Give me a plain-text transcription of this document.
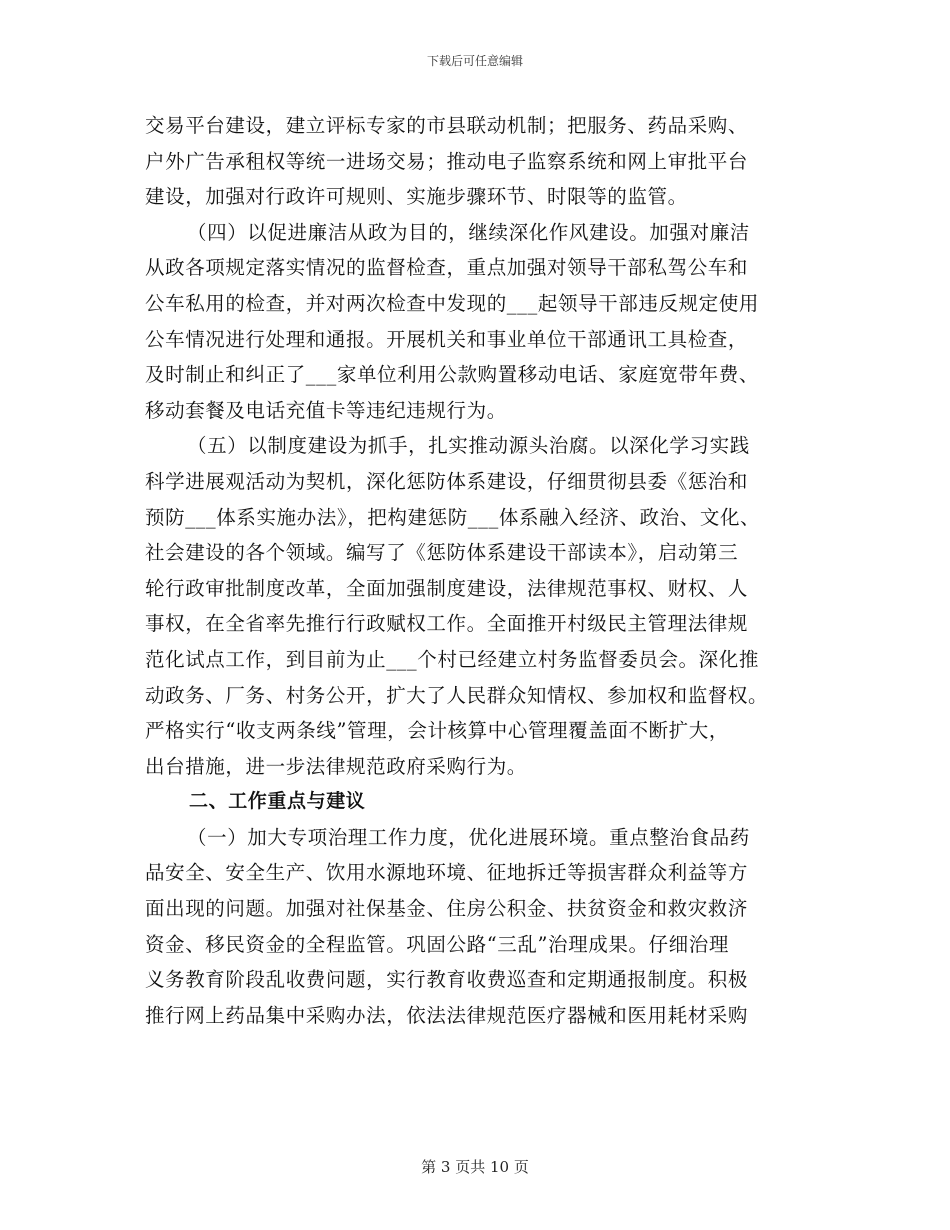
下载后可任意编辑
交易平台建设，建立评标专家的市县联动机制；把服务、药品采购、
户外广告承租权等统一进场交易；推动电子监察系统和网上审批平台
建设，加强对行政许可规则、实施步骤环节、时限等的监管。
（四）以促进廉洁从政为目的，继续深化作风建设。加强对廉洁
从政各项规定落实情况的监督检查，重点加强对领导干部私驾公车和
公车私用的检查，并对两次检查中发现的___起领导干部违反规定使用
公车情况进行处理和通报。开展机关和事业单位干部通讯工具检查，
及时制止和纠正了___家单位利用公款购置移动电话、家庭宽带年费、
移动套餐及电话充值卡等违纪违规行为。
（五）以制度建设为抓手，扎实推动源头治腐。以深化学习实践
科学进展观活动为契机，深化惩防体系建设，仔细贯彻县委《惩治和
预防___体系实施办法》，把构建惩防___体系融入经济、政治、文化、
社会建设的各个领域。编写了《惩防体系建设干部读本》，启动第三
轮行政审批制度改革，全面加强制度建设，法律规范事权、财权、人
事权，在全省率先推行行政赋权工作。全面推开村级民主管理法律规
范化试点工作，到目前为止___个村已经建立村务监督委员会。深化推
动政务、厂务、村务公开，扩大了人民群众知情权、参加权和监督权。
严格实行“收支两条线”管理，会计核算中心管理覆盖面不断扩大，
出台措施，进一步法律规范政府采购行为。
二、工作重点与建议
（一）加大专项治理工作力度，优化进展环境。重点整治食品药
品安全、安全生产、饮用水源地环境、征地拆迁等损害群众利益等方
面出现的问题。加强对社保基金、住房公积金、扶贫资金和救灾救济
资金、移民资金的全程监管。巩固公路“三乱”治理成果。仔细治理
义务教育阶段乱收费问题，实行教育收费巡查和定期通报制度。积极
推行网上药品集中采购办法，依法法律规范医疗器械和医用耗材采购
第 3 页共 10 页
